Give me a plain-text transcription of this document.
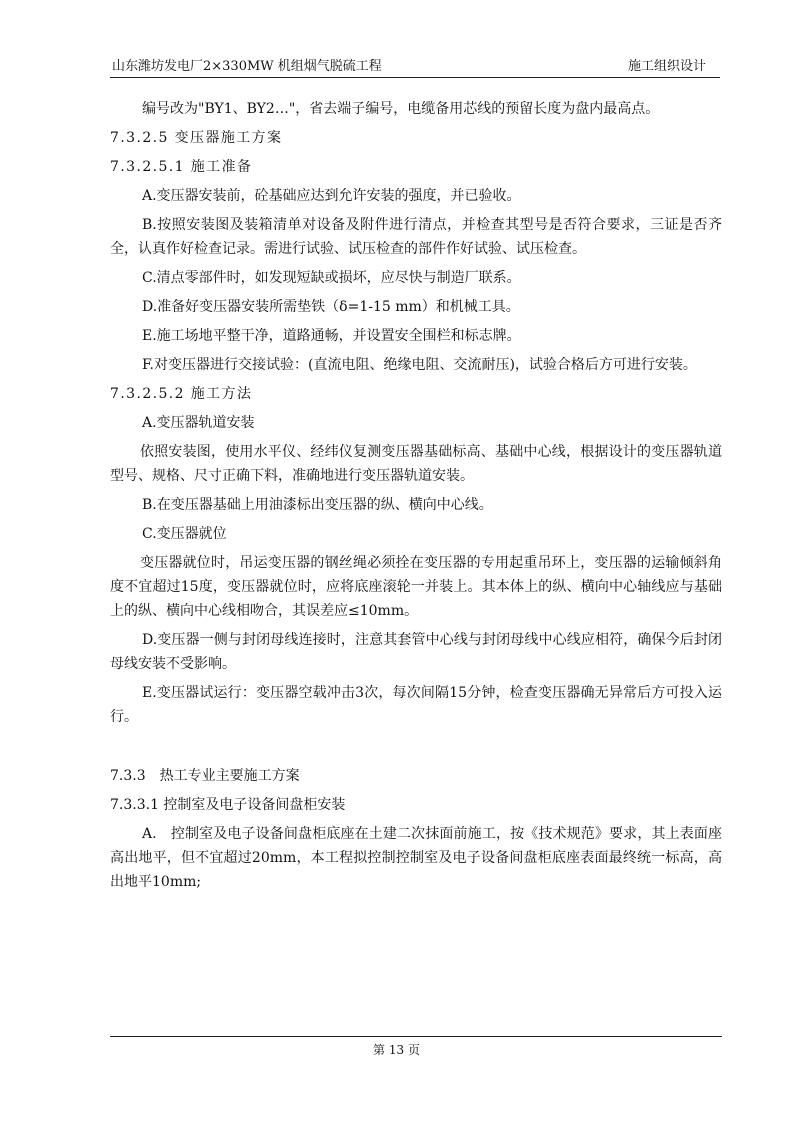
山东潍坊发电厂2×330MW 机组烟气脱硫工程	施工组织设计

编号改为"BY1、BY2…"，省去端子编号，电缆备用芯线的预留长度为盘内最高点。

7.3.2.5 变压器施工方案

7.3.2.5.1 施工准备

A.变压器安装前，砼基础应达到允许安装的强度，并已验收。

B.按照安装图及装箱清单对设备及附件进行清点，并检查其型号是否符合要求，三证是否齐全，认真作好检查记录。需进行试验、试压检查的部件作好试验、试压检查。

C.清点零部件时，如发现短缺或损坏，应尽快与制造厂联系。

D.准备好变压器安装所需垫铁（δ=1-15 mm）和机械工具。

E.施工场地平整干净，道路通畅，并设置安全围栏和标志牌。

F.对变压器进行交接试验：(直流电阻、绝缘电阻、交流耐压)，试验合格后方可进行安装。

7.3.2.5.2 施工方法

A.变压器轨道安装

依照安装图，使用水平仪、经纬仪复测变压器基础标高、基础中心线，根据设计的变压器轨道型号、规格、尺寸正确下料，准确地进行变压器轨道安装。

B.在变压器基础上用油漆标出变压器的纵、横向中心线。

C.变压器就位

变压器就位时，吊运变压器的钢丝绳必须拴在变压器的专用起重吊环上，变压器的运输倾斜角度不宜超过15度，变压器就位时，应将底座滚轮一并装上。其本体上的纵、横向中心轴线应与基础上的纵、横向中心线相吻合，其误差应≤10mm。

D.变压器一侧与封闭母线连接时，注意其套管中心线与封闭母线中心线应相符，确保今后封闭母线安装不受影响。

E.变压器试运行：变压器空载冲击3次，每次间隔15分钟，检查变压器确无异常后方可投入运行。

7.3.3　热工专业主要施工方案

7.3.3.1 控制室及电子设备间盘柜安装

A.　控制室及电子设备间盘柜底座在土建二次抹面前施工，按《技术规范》要求，其上表面座高出地平，但不宜超过20mm，本工程拟控制控制室及电子设备间盘柜底座表面最终统一标高，高出地平10mm;

第 13 页
